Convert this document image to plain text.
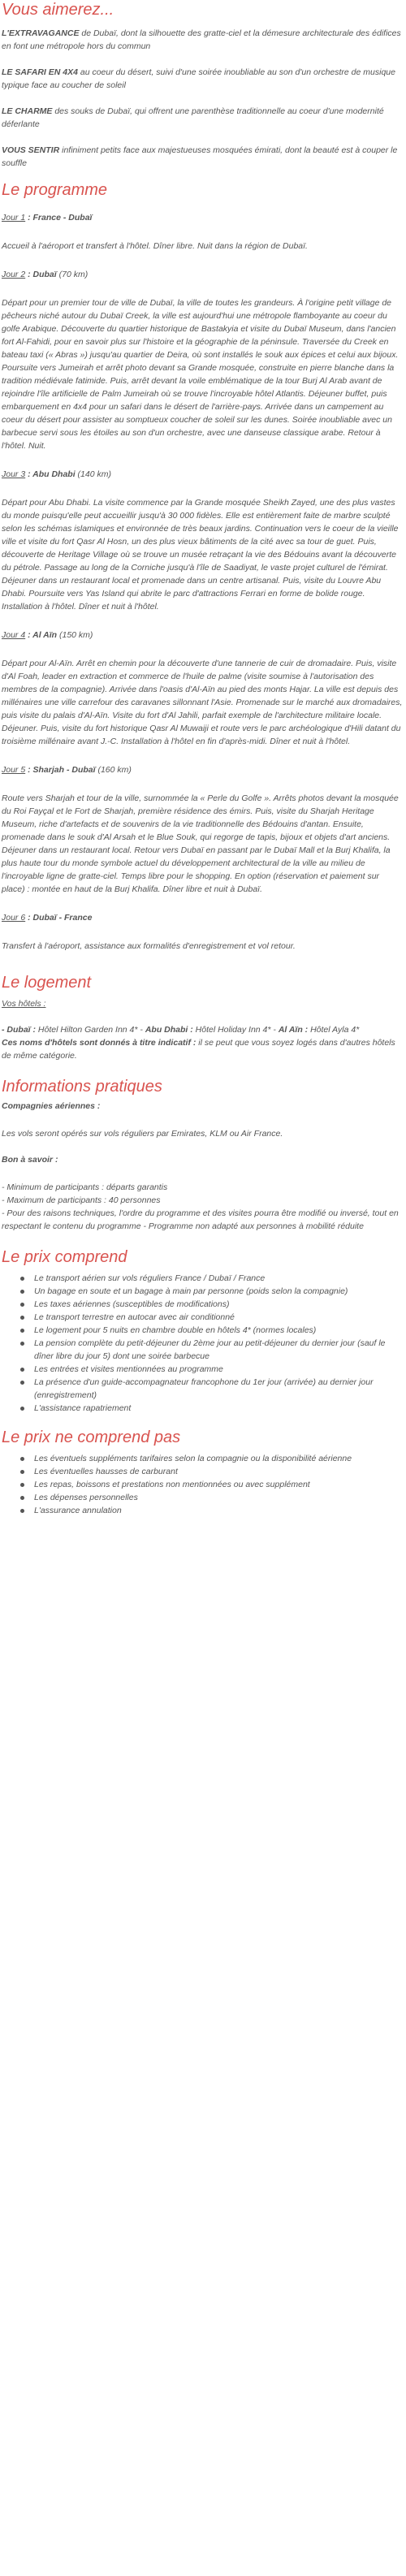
Vous aimerez...

L'EXTRAVAGANCE de Dubaï, dont la silhouette des gratte-ciel et la démesure architecturale des édifices en font une métropole hors du commun

LE SAFARI EN 4X4 au coeur du désert, suivi d'une soirée inoubliable au son d'un orchestre de musique typique face au coucher de soleil

LE CHARME des souks de Dubaï, qui offrent une parenthèse traditionnelle au coeur d'une modernité déferlante

VOUS SENTIR infiniment petits face aux majestueuses mosquées émirati, dont la beauté est à couper le souffle

Le programme

Jour 1 : France - Dubaï

Accueil à l'aéroport et transfert à l'hôtel. Dîner libre. Nuit dans la région de Dubaï.

Jour 2 : Dubaï (70 km)

Départ pour un premier tour de ville de Dubaï, la ville de toutes les grandeurs. À l'origine petit village de pêcheurs niché autour du Dubaï Creek, la ville est aujourd'hui une métropole flamboyante au coeur du golfe Arabique. Découverte du quartier historique de Bastakyia et visite du Dubaï Museum, dans l'ancien fort Al-Fahidi, pour en savoir plus sur l'histoire et la géographie de la péninsule. Traversée du Creek en bateau taxi (« Abras ») jusqu'au quartier de Deira, où sont installés le souk aux épices et celui aux bijoux. Poursuite vers Jumeirah et arrêt photo devant sa Grande mosquée, construite en pierre blanche dans la tradition médiévale fatimide. Puis, arrêt devant la voile emblématique de la tour Burj Al Arab avant de rejoindre l'île artificielle de Palm Jumeirah où se trouve l'incroyable hôtel Atlantis. Déjeuner buffet, puis embarquement en 4x4 pour un safari dans le désert de l'arrière-pays. Arrivée dans un campement au coeur du désert pour assister au somptueux coucher de soleil sur les dunes. Soirée inoubliable avec un barbecue servi sous les étoiles au son d'un orchestre, avec une danseuse classique arabe. Retour à l'hôtel. Nuit.

Jour 3 : Abu Dhabi (140 km)

Départ pour Abu Dhabi. La visite commence par la Grande mosquée Sheikh Zayed, une des plus vastes du monde puisqu'elle peut accueillir jusqu'à 30 000 fidèles. Elle est entièrement faite de marbre sculpté selon les schémas islamiques et environnée de très beaux jardins. Continuation vers le coeur de la vieille ville et visite du fort Qasr Al Hosn, un des plus vieux bâtiments de la cité avec sa tour de guet. Puis, découverte de Heritage Village où se trouve un musée retraçant la vie des Bédouins avant la découverte du pétrole. Passage au long de la Corniche jusqu'à l'île de Saadiyat, le vaste projet culturel de l'émirat. Déjeuner dans un restaurant local et promenade dans un centre artisanal. Puis, visite du Louvre Abu Dhabi. Poursuite vers Yas Island qui abrite le parc d'attractions Ferrari en forme de bolide rouge. Installation à l'hôtel. Dîner et nuit à l'hôtel.

Jour 4 : Al Aïn (150 km)

Départ pour Al-Aïn. Arrêt en chemin pour la découverte d'une tannerie de cuir de dromadaire. Puis, visite d'Al Foah, leader en extraction et commerce de l'huile de palme (visite soumise à l'autorisation des membres de la compagnie). Arrivée dans l'oasis d'Al-Aïn au pied des monts Hajar. La ville est depuis des millénaires une ville carrefour des caravanes sillonnant l'Asie. Promenade sur le marché aux dromadaires, puis visite du palais d'Al-Aïn. Visite du fort d'Al Jahili, parfait exemple de l'architecture militaire locale. Déjeuner. Puis, visite du fort historique Qasr Al Muwaiji et route vers le parc archéologique d'Hili datant du troisième millénaire avant J.-C. Installation à l'hôtel en fin d'après-midi. Dîner et nuit à l'hôtel.

Jour 5 : Sharjah - Dubaï (160 km)

Route vers Sharjah et tour de la ville, surnommée la « Perle du Golfe ». Arrêts photos devant la mosquée du Roi Fayçal et le Fort de Sharjah, première résidence des émirs. Puis, visite du Sharjah Heritage Museum, riche d'artefacts et de souvenirs de la vie traditionnelle des Bédouins d'antan. Ensuite, promenade dans le souk d'Al Arsah et le Blue Souk, qui regorge de tapis, bijoux et objets d'art anciens. Déjeuner dans un restaurant local. Retour vers Dubaï en passant par le Dubaï Mall et la Burj Khalifa, la plus haute tour du monde symbole actuel du développement architectural de la ville au milieu de l'incroyable ligne de gratte-ciel. Temps libre pour le shopping. En option (réservation et paiement sur place) : montée en haut de la Burj Khalifa. Dîner libre et nuit à Dubaï.

Jour 6 : Dubaï - France

Transfert à l'aéroport, assistance aux formalités d'enregistrement et vol retour.

Le logement

Vos hôtels :

- Dubaï : Hôtel Hilton Garden Inn 4* - Abu Dhabi : Hôtel Holiday Inn 4* - Al Aïn : Hôtel Ayla 4*

Ces noms d'hôtels sont donnés à titre indicatif : il se peut que vous soyez logés dans d'autres hôtels de même catégorie.

Informations pratiques

Compagnies aériennes :

Les vols seront opérés sur vols réguliers par Emirates, KLM ou Air France.

Bon à savoir :

- Minimum de participants : départs garantis

- Maximum de participants : 40 personnes

- Pour des raisons techniques, l'ordre du programme et des visites pourra être modifié ou inversé, tout en respectant le contenu du programme - Programme non adapté aux personnes à mobilité réduite

Le prix comprend
Le transport aérien sur vols réguliers France / Dubaï / France
Un bagage en soute et un bagage à main par personne (poids selon la compagnie)
Les taxes aériennes (susceptibles de modifications)
Le transport terrestre en autocar avec air conditionné
Le logement pour 5 nuits en chambre double en hôtels 4* (normes locales)
La pension complète du petit-déjeuner du 2ème jour au petit-déjeuner du dernier jour (sauf le dîner libre du jour 5) dont une soirée barbecue
Les entrées et visites mentionnées au programme
La présence d'un guide-accompagnateur francophone du 1er jour (arrivée) au dernier jour (enregistrement)
L'assistance rapatriement
Le prix ne comprend pas
Les éventuels suppléments tarifaires selon la compagnie ou la disponibilité aérienne
Les éventuelles hausses de carburant
Les repas, boissons et prestations non mentionnées ou avec supplément
Les dépenses personnelles
L'assurance annulation
